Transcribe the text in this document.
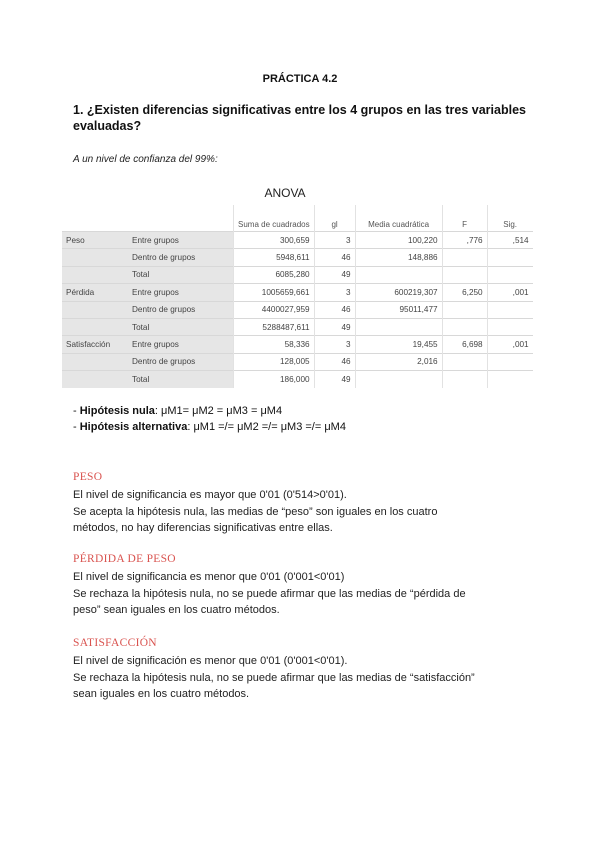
PRÁCTICA 4.2
1. ¿Existen diferencias significativas entre los 4 grupos en las tres variables evaluadas?
A un nivel de confianza del 99%:
ANOVA
		Suma de cuadrados	gl	Media cuadrática	F	Sig.
Peso	Entre grupos	300,659	3	100,220	,776	,514
	Dentro de grupos	5948,611	46	148,886		
	Total	6085,280	49			
Pérdida	Entre grupos	1005659,661	3	600219,307	6,250	,001
	Dentro de grupos	4400027,959	46	95011,477		
	Total	5288487,611	49			
Satisfacción	Entre grupos	58,336	3	19,455	6,698	,001
	Dentro de grupos	128,005	46	2,016		
	Total	186,000	49			
- Hipótesis nula: μM1= μM2 = μM3 = μM4
- Hipótesis alternativa: μM1 =/= μM2 =/= μM3 =/= μM4
PESO
El nivel de significancia es mayor que 0'01 (0'514>0'01).
Se acepta la hipótesis nula, las medias de “peso” son iguales en los cuatro
métodos, no hay diferencias significativas entre ellas.
PÉRDIDA DE PESO
El nivel de significancia es menor que 0'01 (0'001<0'01)
Se rechaza la hipótesis nula, no se puede afirmar que las medias de “pérdida de
peso” sean iguales en los cuatro métodos.
SATISFACCIÓN
El nivel de significación es menor que 0'01 (0'001<0'01).
Se rechaza la hipótesis nula, no se puede afirmar que las medias de “satisfacción”
sean iguales en los cuatro métodos.
